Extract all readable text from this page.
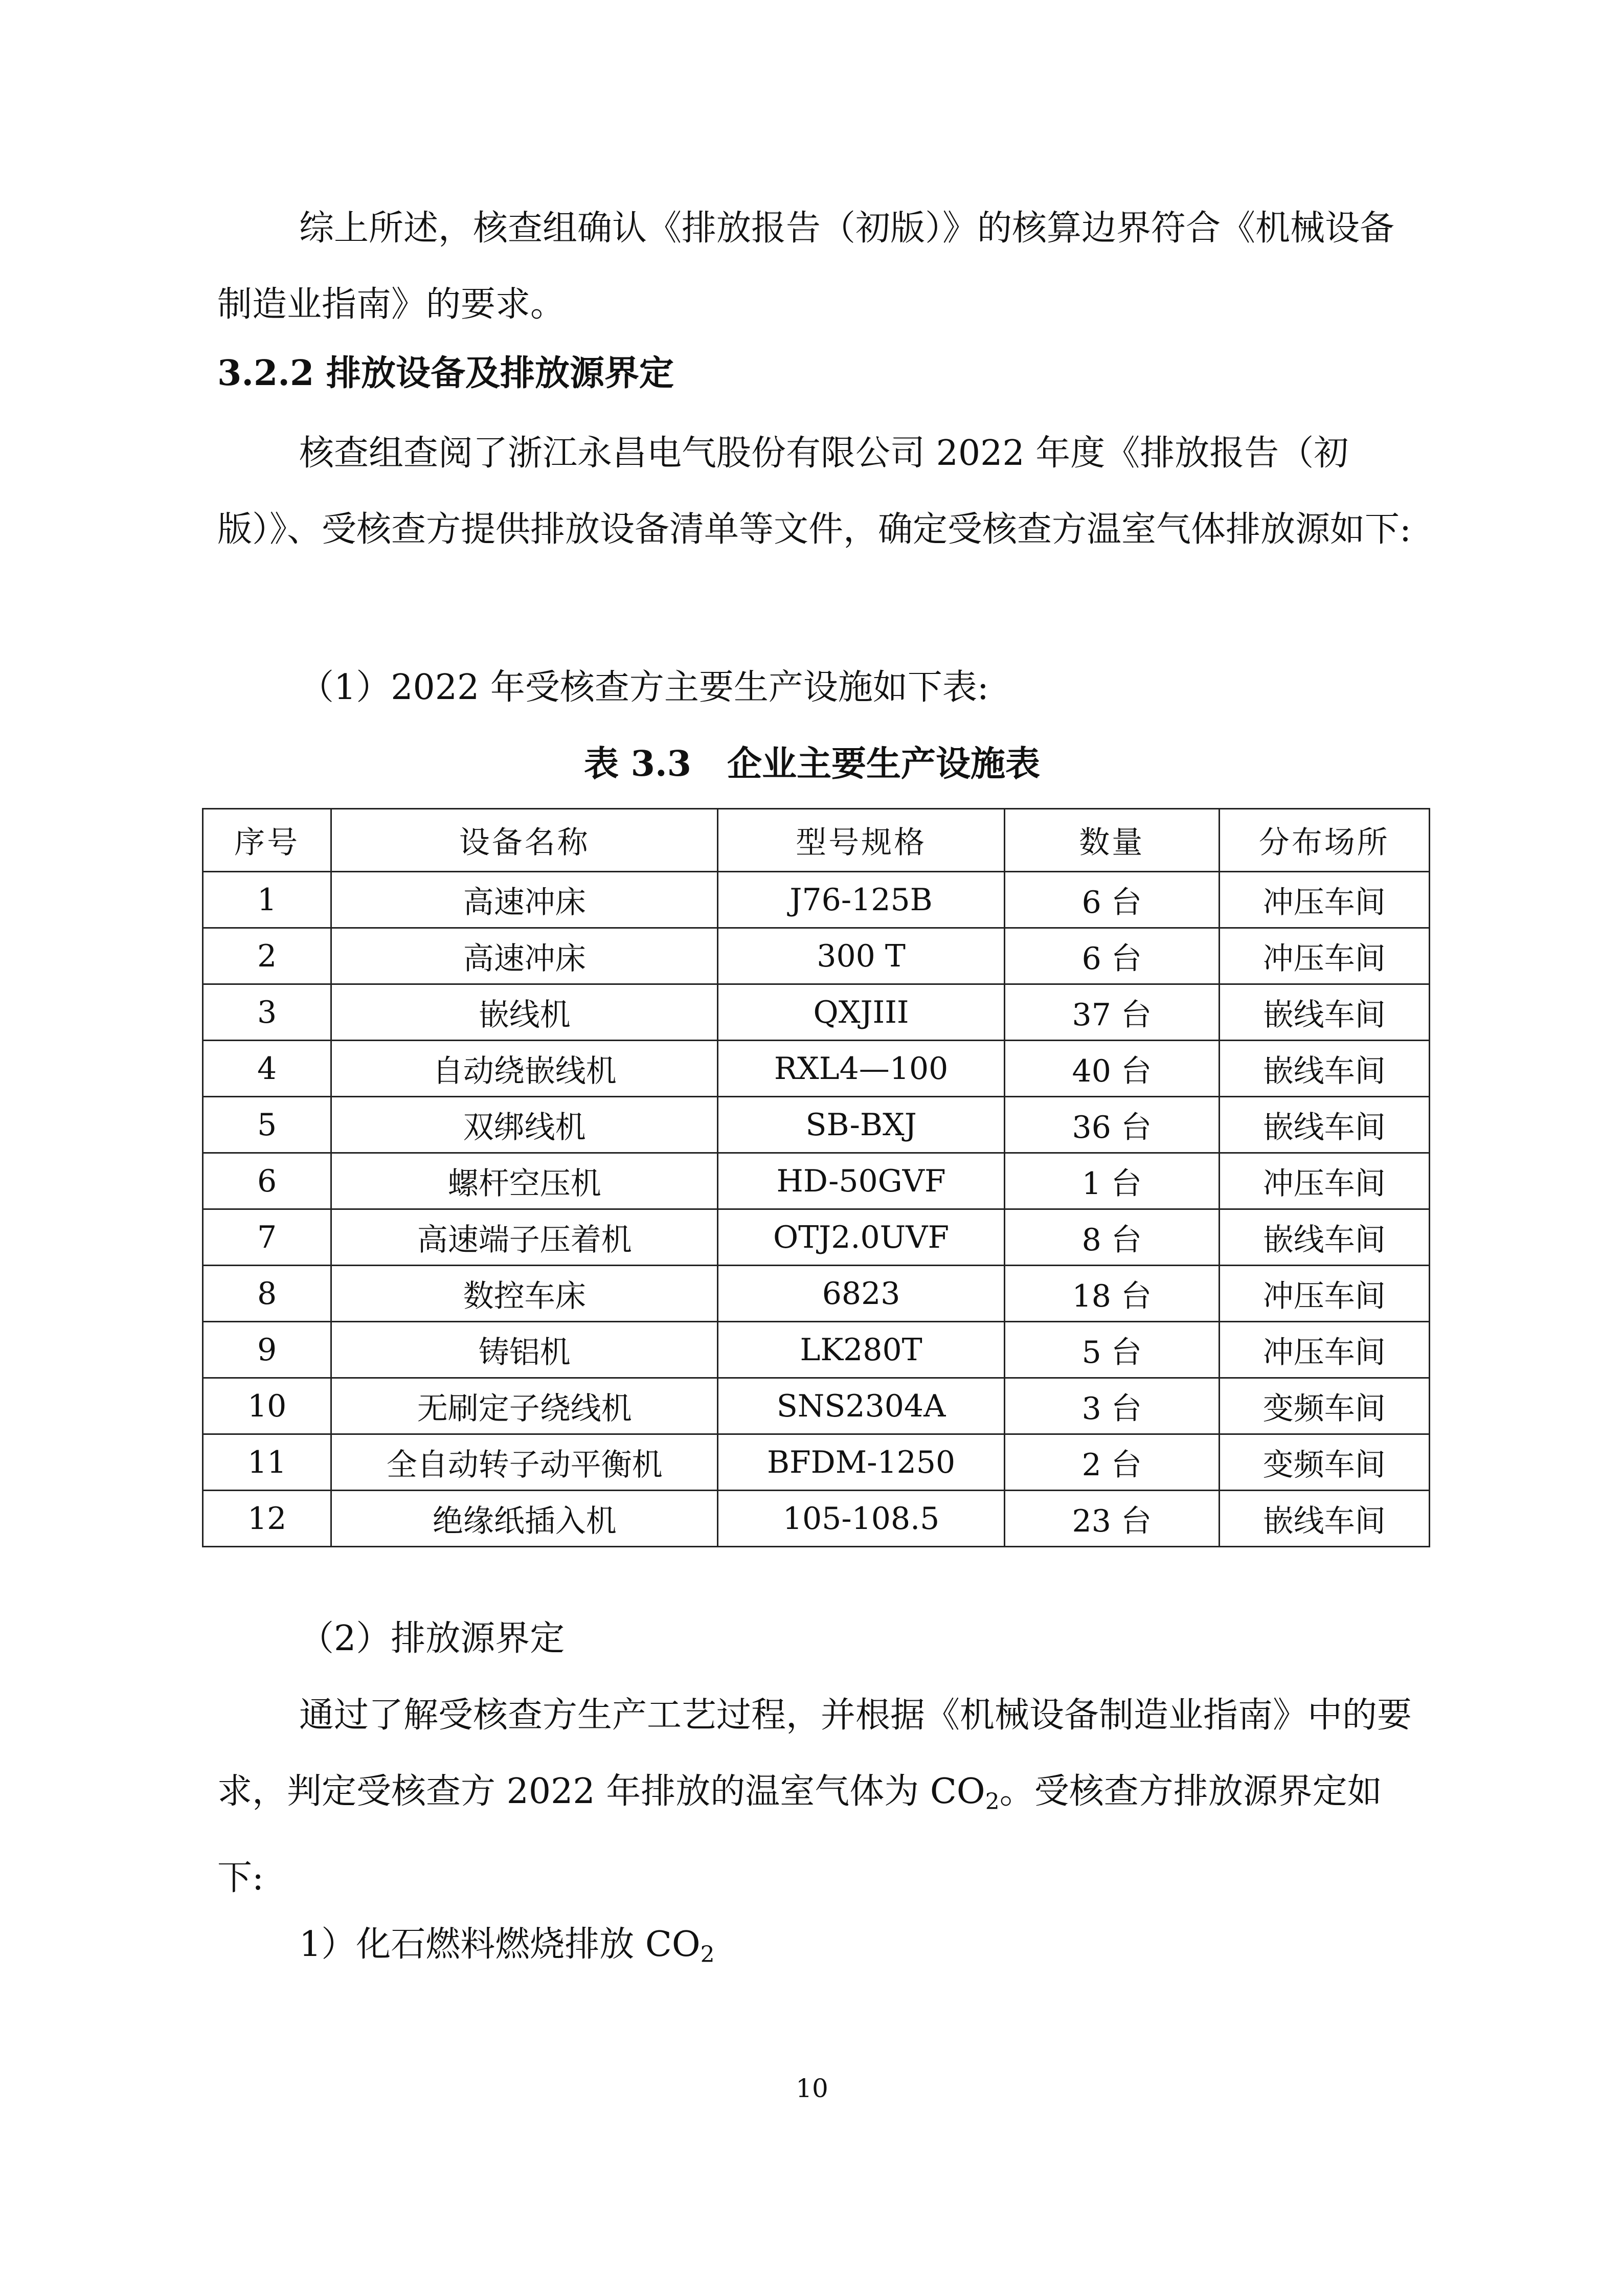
综上所述，核查组确认《排放报告（初版）》的核算边界符合《机械设备制造业指南》的要求。

3.2.2 排放设备及排放源界定

核查组查阅了浙江永昌电气股份有限公司 2022 年度《排放报告（初版）》、受核查方提供排放设备清单等文件，确定受核查方温室气体排放源如下:

（1）2022 年受核查方主要生产设施如下表:

表 3.3 企业主要生产设施表

序号	设备名称	型号规格	数量	分布场所
1	高速冲床	J76-125B	6 台	冲压车间
2	高速冲床	300 T	6 台	冲压车间
3	嵌线机	QXJIII	37 台	嵌线车间
4	自动绕嵌线机	RXL4—100	40 台	嵌线车间
5	双绑线机	SB-BXJ	36 台	嵌线车间
6	螺杆空压机	HD-50GVF	1 台	冲压车间
7	高速端子压着机	OTJ2.0UVF	8 台	嵌线车间
8	数控车床	6823	18 台	冲压车间
9	铸铝机	LK280T	5 台	冲压车间
10	无刷定子绕线机	SNS2304A	3 台	变频车间
11	全自动转子动平衡机	BFDM-1250	2 台	变频车间
12	绝缘纸插入机	105-108.5	23 台	嵌线车间

（2）排放源界定

通过了解受核查方生产工艺过程，并根据《机械设备制造业指南》中的要求，判定受核查方 2022 年排放的温室气体为 $CO_2$。受核查方排放源界定如下:

1）化石燃料燃烧排放 $CO_2$

10
